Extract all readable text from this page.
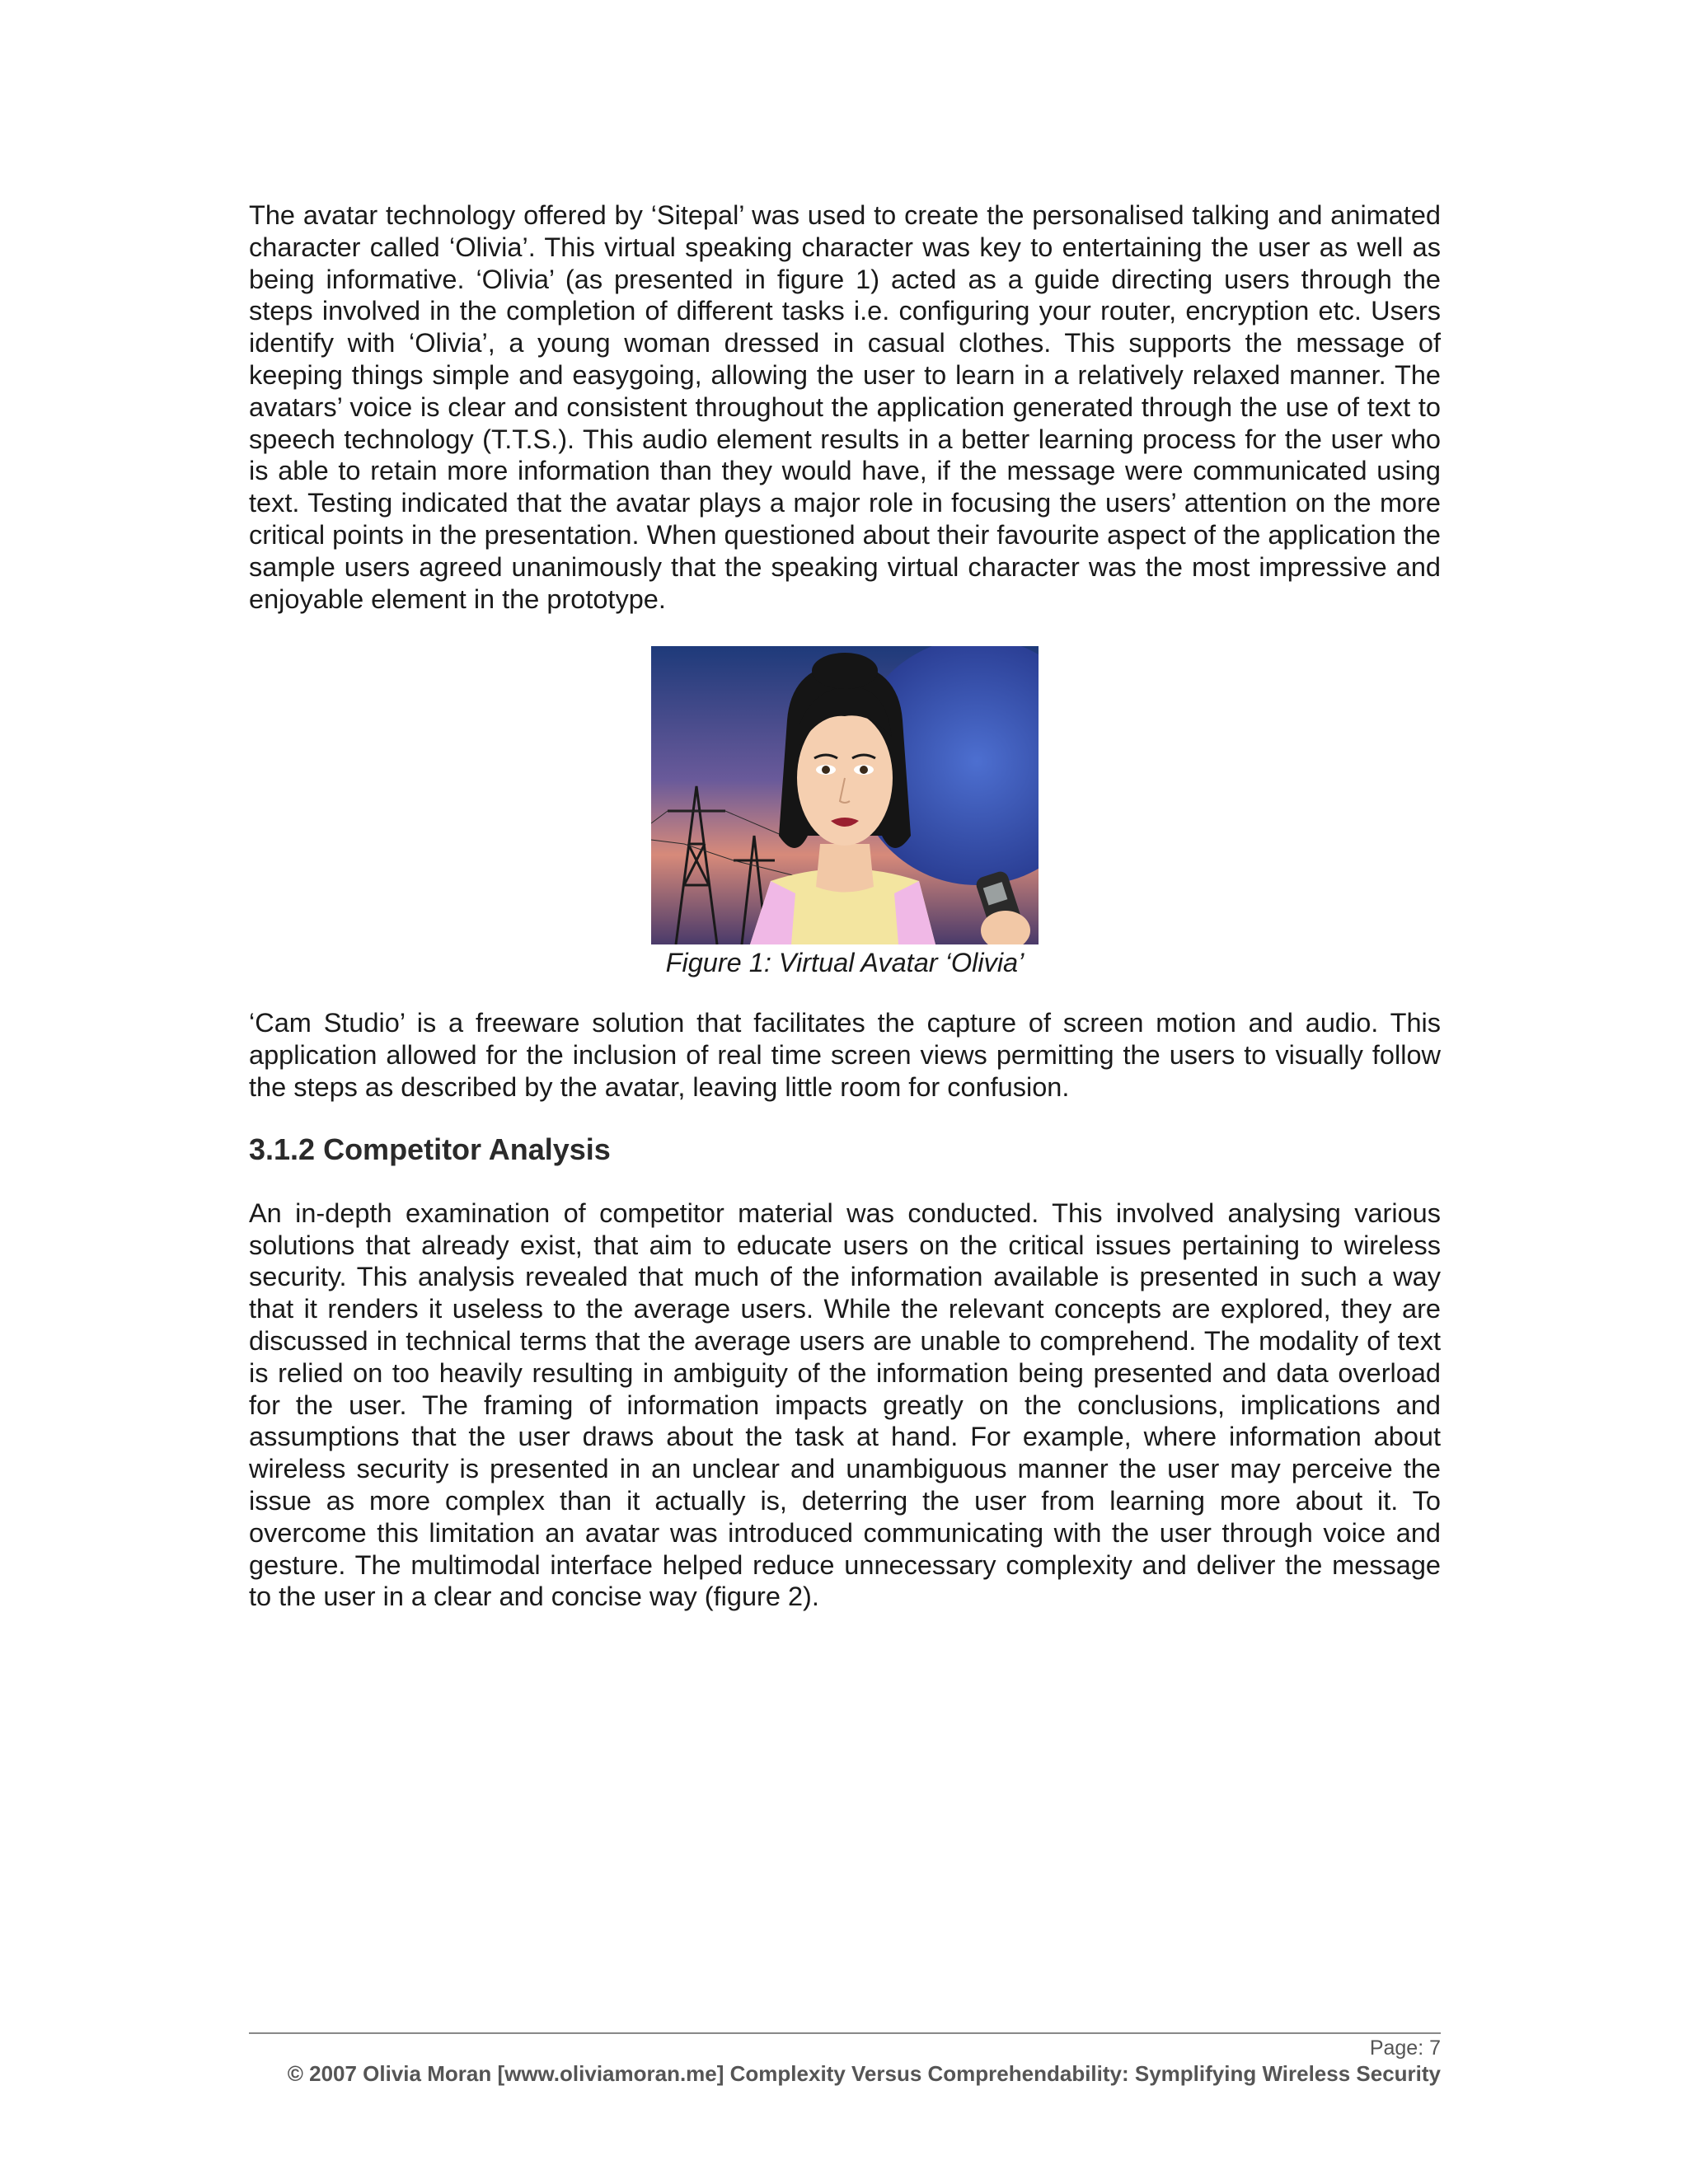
The avatar technology offered by ‘Sitepal’ was used to create the personalised talking and animated character called ‘Olivia’. This virtual speaking character was key to entertaining the user as well as being informative. ‘Olivia’ (as presented in figure 1) acted as a guide directing users through the steps involved in the completion of different tasks i.e. configuring your router, encryption etc. Users identify with ‘Olivia’, a young woman dressed in casual clothes. This supports the message of keeping things simple and easygoing, allowing the user to learn in a relatively relaxed manner. The avatars’ voice is clear and consistent throughout the application generated through the use of text to speech technology (T.T.S.). This audio element results in a better learning process for the user who is able to retain more information than they would have, if the message were communicated using text. Testing indicated that the avatar plays a major role in focusing the users’ attention on the more critical points in the presentation. When questioned about their favourite aspect of the application the sample users agreed unanimously that the speaking virtual character was the most impressive and enjoyable element in the prototype.

Figure 1: Virtual Avatar ‘Olivia’

‘Cam Studio’ is a freeware solution that facilitates the capture of screen motion and audio. This application allowed for the inclusion of real time screen views permitting the users to visually follow the steps as described by the avatar, leaving little room for confusion.

3.1.2 Competitor Analysis

An in-depth examination of competitor material was conducted. This involved analysing various solutions that already exist, that aim to educate users on the critical issues pertaining to wireless security. This analysis revealed that much of the information available is presented in such a way that it renders it useless to the average users. While the relevant concepts are explored, they are discussed in technical terms that the average users are unable to comprehend. The modality of text is relied on too heavily resulting in ambiguity of the information being presented and data overload for the user. The framing of information impacts greatly on the conclusions, implications and assumptions that the user draws about the task at hand. For example, where information about wireless security is presented in an unclear and unambiguous manner the user may perceive the issue as more complex than it actually is, deterring the user from learning more about it. To overcome this limitation an avatar was introduced communicating with the user through voice and gesture. The multimodal interface helped reduce unnecessary complexity and deliver the message to the user in a clear and concise way (figure 2).

Page: 7
© 2007 Olivia Moran [www.oliviamoran.me] Complexity Versus Comprehendability: Symplifying Wireless Security
